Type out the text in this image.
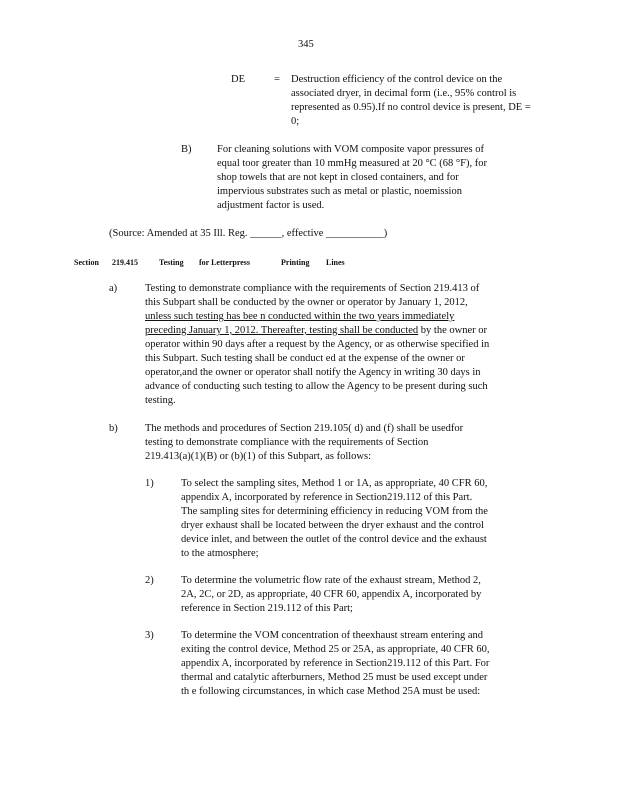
345
DE	= Destruction efficiency of the control device on the
associated dryer, in decimal form (i.e., 95% control is
represented as 0.95).If no control device is present, DE =
0;
B) For cleaning solutions with VOM composite vapor pressures of
equal toor greater than 10 mmHg measured at 20 °C (68 °F), for
shop towels that are not kept in closed containers, and for
impervious substrates such as metal or plastic, noemission
adjustment factor is used.
(Source: Amended at 35 Ill. Reg. ______, effective ___________)
Section 219.415	Testing for Letterpress	Printing Lines
a)	Testing to demonstrate compliance with the requirements of Section 219.413 of
this Subpart shall be conducted by the owner or operator by January 1, 2012,
unless such testing has bee n conducted within the two years immediately
preceding January 1, 2012. Thereafter, testing shall be conducted by the owner or
operator within 90 days after a request by the Agency, or as otherwise specified in
this Subpart. Such testing shall be conduct ed at the expense of the owner or
operator,and the owner or operator shall notify the Agency in writing 30 days in
advance of conducting such testing to allow the Agency to be present during such
testing.
b)	The methods and procedures of Section 219.105( d) and (f) shall be usedfor
testing to demonstrate compliance with the requirements of Section
219.413(a)(1)(B) or (b)(1) of this Subpart, as follows:
1)	To select the sampling sites, Method 1 or 1A, as appropriate, 40 CFR 60,
appendix A, incorporated by reference in Section219.112 of this Part.
The sampling sites for determining efficiency in reducing VOM from the
dryer exhaust shall be located between the dryer exhaust and the control
device inlet, and between the outlet of the control device and the exhaust
to the atmosphere;
2)	To determine the volumetric flow rate of the exhaust stream, Method 2,
2A, 2C, or 2D, as appropriate, 40 CFR 60, appendix A, incorporated by
reference in Section 219.112 of this Part;
3)	To determine the VOM concentration of theexhaust stream entering and
exiting the control device, Method 25 or 25A, as appropriate, 40 CFR 60,
appendix A, incorporated by reference in Section219.112 of this Part. For
thermal and catalytic afterburners, Method 25 must be used except under
th e following circumstances, in which case Method 25A must be used:
